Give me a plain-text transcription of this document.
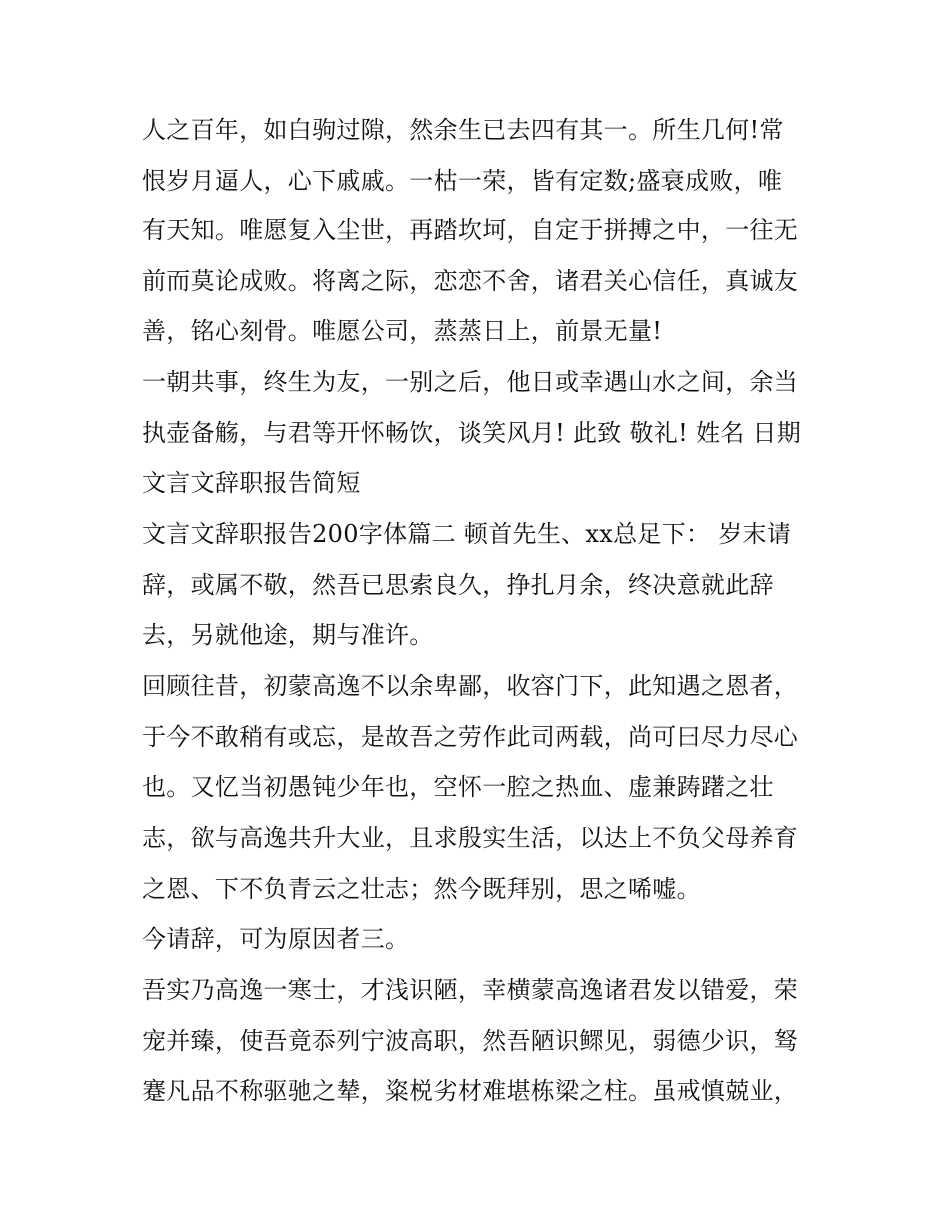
人之百年，如白驹过隙，然余生已去四有其一。所生几何!常
恨岁月逼人，心下戚戚。一枯一荣，皆有定数;盛衰成败，唯
有天知。唯愿复入尘世，再踏坎坷，自定于拼搏之中，一往无
前而莫论成败。将离之际，恋恋不舍，诸君关心信任，真诚友
善，铭心刻骨。唯愿公司，蒸蒸日上，前景无量!
一朝共事，终生为友，一别之后，他日或幸遇山水之间，余当
执壶备觞，与君等开怀畅饮，谈笑风月! 此致 敬礼! 姓名 日期
文言文辞职报告简短
文言文辞职报告200字体篇二 顿首先生、xx总足下： 岁末请
辞，或属不敬，然吾已思索良久，挣扎月余，终决意就此辞
去，另就他途，期与准许。
回顾往昔，初蒙高逸不以余卑鄙，收容门下，此知遇之恩者，
于今不敢稍有或忘，是故吾之劳作此司两载，尚可曰尽力尽心
也。又忆当初愚钝少年也，空怀一腔之热血、虚兼踌躇之壮
志，欲与高逸共升大业，且求殷实生活，以达上不负父母养育
之恩、下不负青云之壮志；然今既拜别，思之唏嘘。
今请辞，可为原因者三。
吾实乃高逸一寒士，才浅识陋，幸横蒙高逸诸君发以错爱，荣
宠并臻，使吾竟忝列宁波高职，然吾陋识鳏见，弱德少识，驽
蹇凡品不称驱驰之辇，粢棁劣材难堪栋梁之柱。虽戒慎兢业，
